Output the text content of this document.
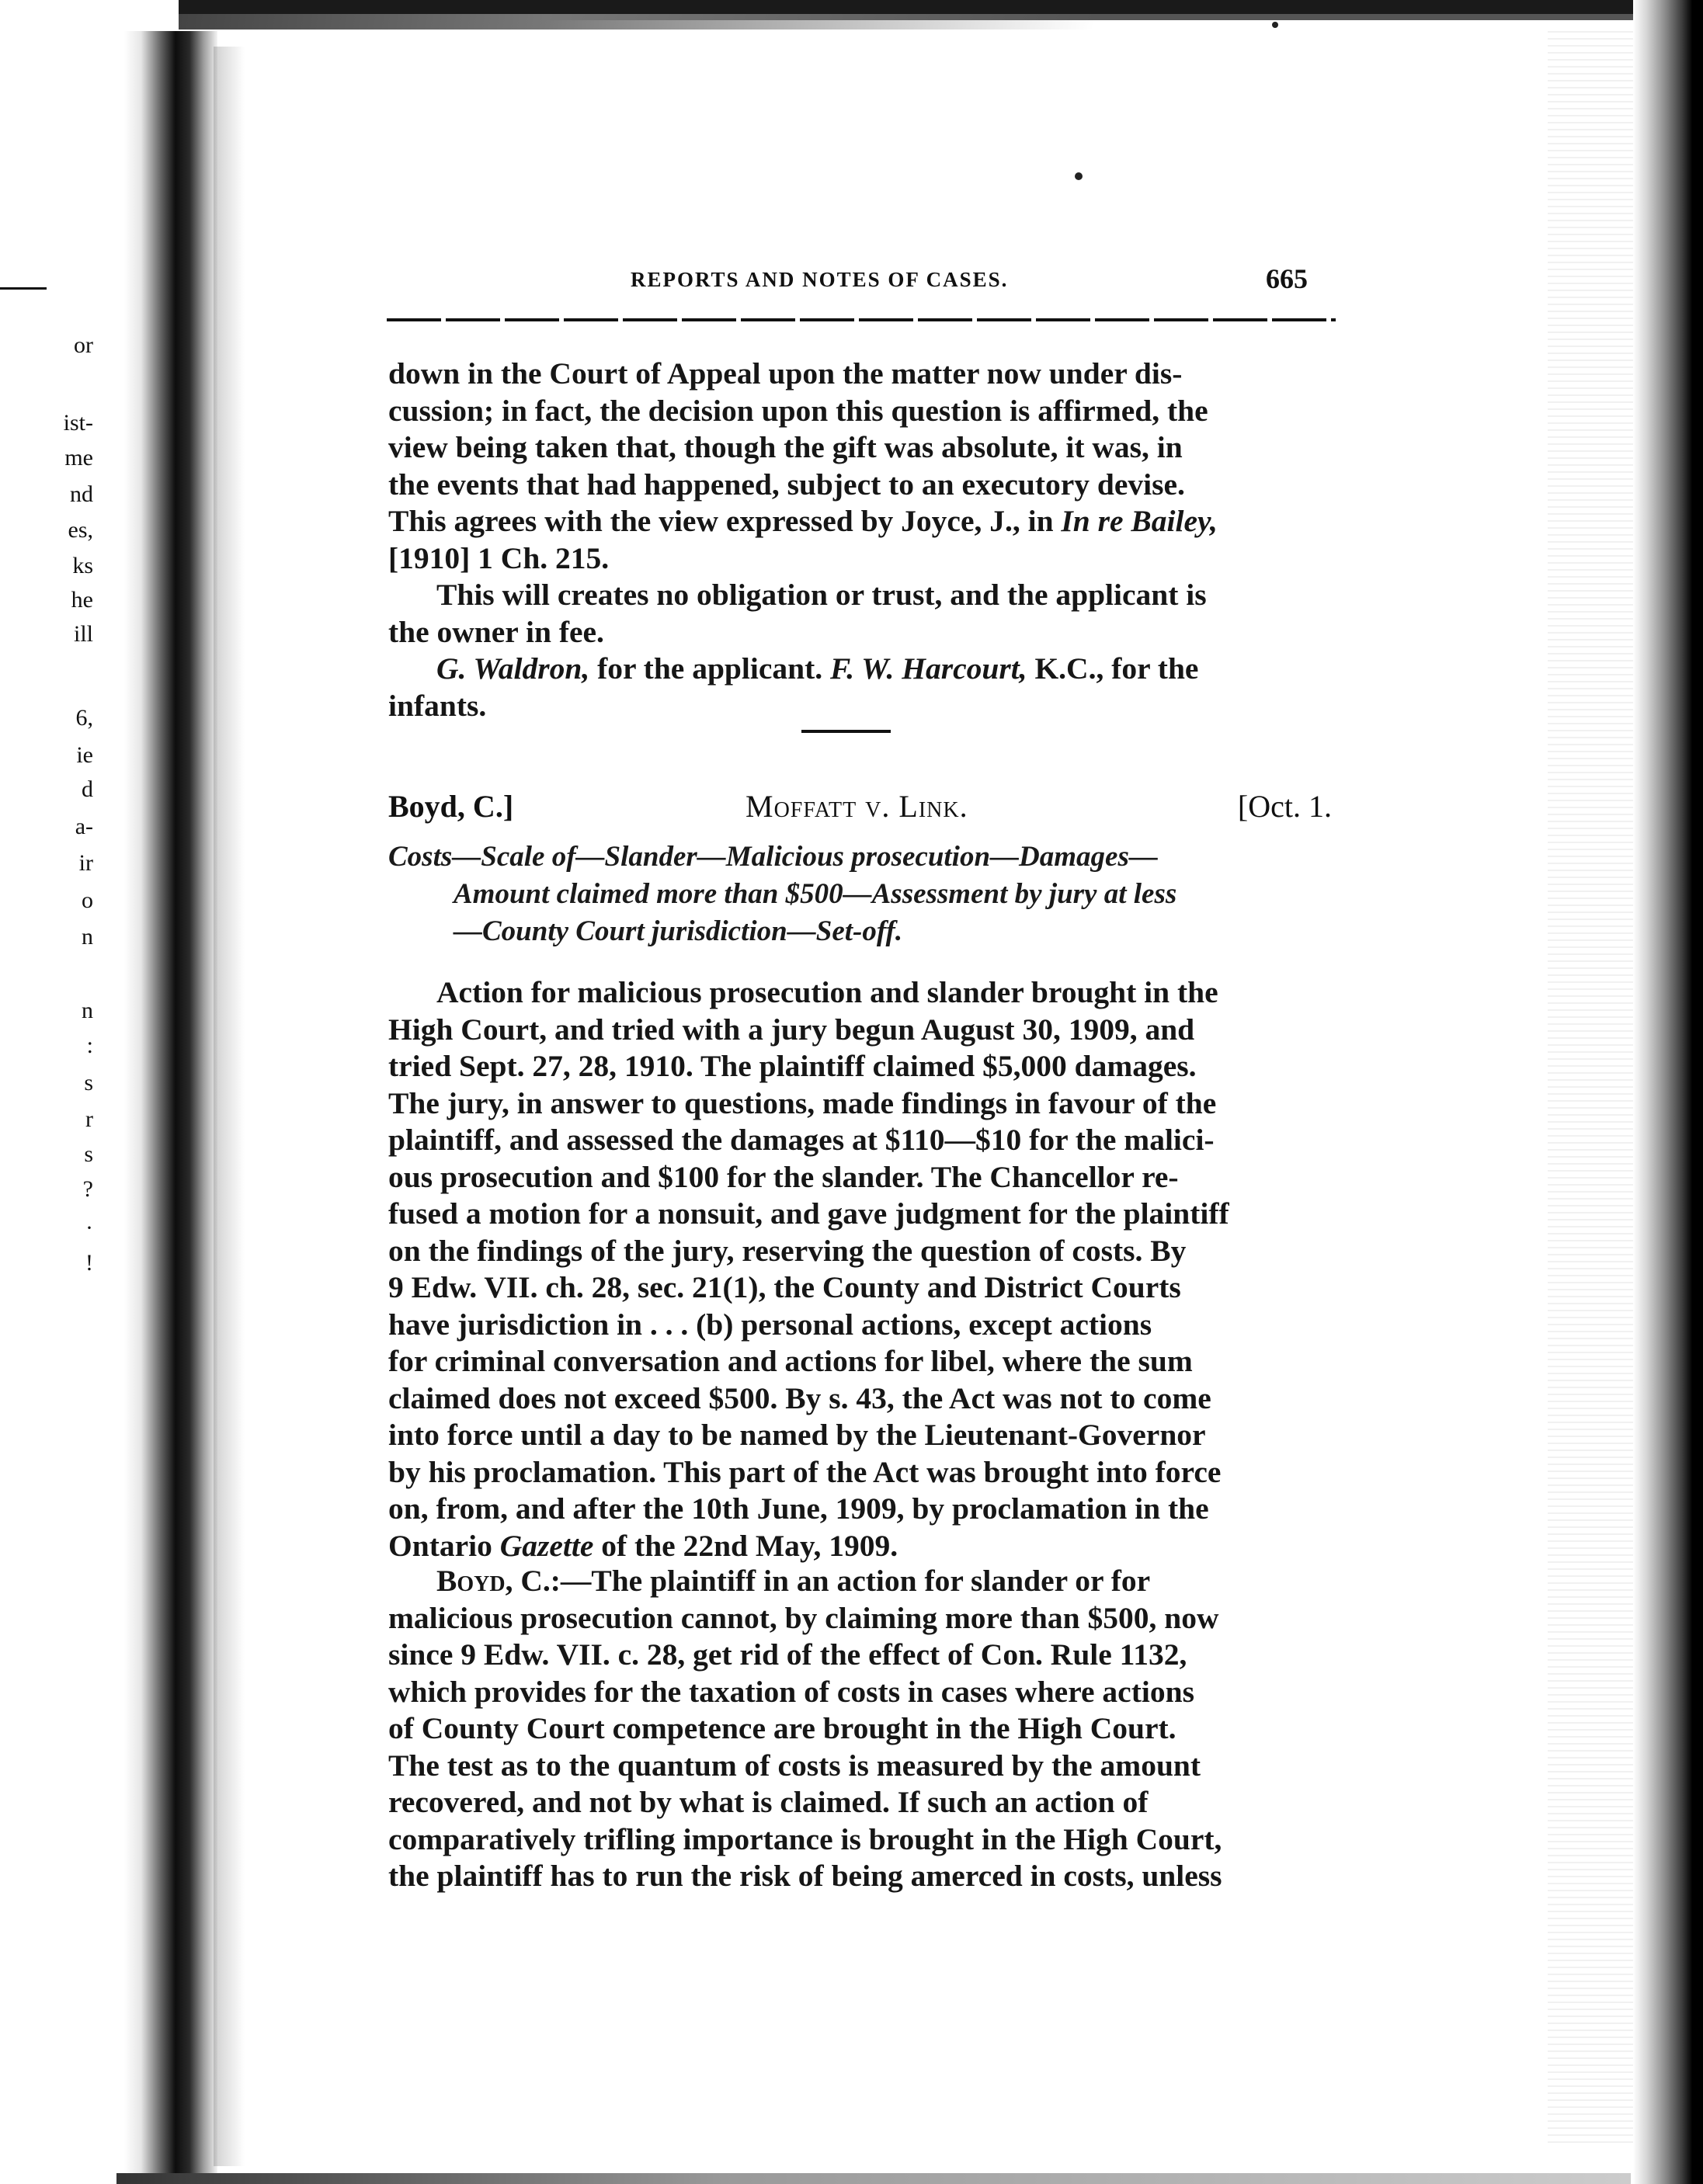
or
ist-
me
nd
es,
ks
he
ill
6,
ie
d
a-
ir
o
n
n
:
s
r
s
?
·
!
REPORTS AND NOTES OF CASES.	665
down in the Court of Appeal upon the matter now under dis-
cussion; in fact, the decision upon this question is affirmed, the
view being taken that, though the gift was absolute, it was, in
the events that had happened, subject to an executory devise.
This agrees with the view expressed by Joyce, J., in In re Bailey,
[1910] 1 Ch. 215.
This will creates no obligation or trust, and the applicant is
the owner in fee.
G. Waldron, for the applicant. F. W. Harcourt, K.C., for the
infants.
Boyd, C.]	Moffatt v. Link.	[Oct. 1.
Costs—Scale of—Slander—Malicious prosecution—Damages—
Amount claimed more than $500—Assessment by jury at less
—County Court jurisdiction—Set-off.
Action for malicious prosecution and slander brought in the
High Court, and tried with a jury begun August 30, 1909, and
tried Sept. 27, 28, 1910. The plaintiff claimed $5,000 damages.
The jury, in answer to questions, made findings in favour of the
plaintiff, and assessed the damages at $110—$10 for the malici-
ous prosecution and $100 for the slander. The Chancellor re-
fused a motion for a nonsuit, and gave judgment for the plaintiff
on the findings of the jury, reserving the question of costs. By
9 Edw. VII. ch. 28, sec. 21(1), the County and District Courts
have jurisdiction in . . . (b) personal actions, except actions
for criminal conversation and actions for libel, where the sum
claimed does not exceed $500. By s. 43, the Act was not to come
into force until a day to be named by the Lieutenant-Governor
by his proclamation. This part of the Act was brought into force
on, from, and after the 10th June, 1909, by proclamation in the
Ontario Gazette of the 22nd May, 1909.
Boyd, C.:—The plaintiff in an action for slander or for
malicious prosecution cannot, by claiming more than $500, now
since 9 Edw. VII. c. 28, get rid of the effect of Con. Rule 1132,
which provides for the taxation of costs in cases where actions
of County Court competence are brought in the High Court.
The test as to the quantum of costs is measured by the amount
recovered, and not by what is claimed. If such an action of
comparatively trifling importance is brought in the High Court,
the plaintiff has to run the risk of being amerced in costs, unless
